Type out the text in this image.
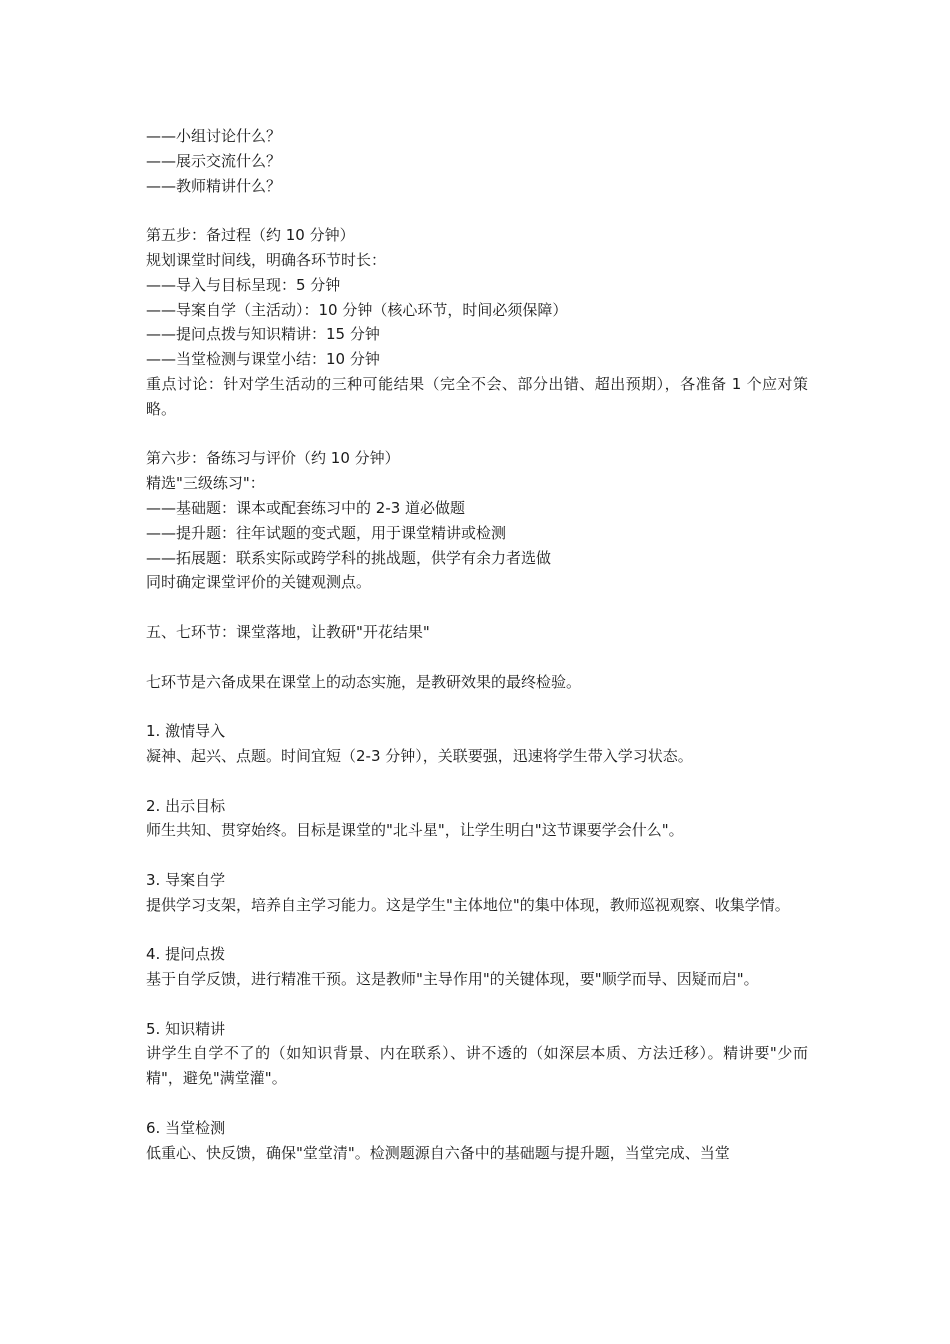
——小组讨论什么？
——展示交流什么？
——教师精讲什么？
第五步：备过程（约 10 分钟）
规划课堂时间线，明确各环节时长：
——导入与目标呈现：5 分钟
——导案自学（主活动）：10 分钟（核心环节，时间必须保障）
——提问点拨与知识精讲：15 分钟
——当堂检测与课堂小结：10 分钟
重点讨论：针对学生活动的三种可能结果（完全不会、部分出错、超出预期），各准备 1 个应对策略。
第六步：备练习与评价（约 10 分钟）
精选"三级练习"：
——基础题：课本或配套练习中的 2-3 道必做题
——提升题：往年试题的变式题，用于课堂精讲或检测
——拓展题：联系实际或跨学科的挑战题，供学有余力者选做
同时确定课堂评价的关键观测点。
五、七环节：课堂落地，让教研"开花结果"
七环节是六备成果在课堂上的动态实施，是教研效果的最终检验。
1. 激情导入
凝神、起兴、点题。时间宜短（2-3 分钟），关联要强，迅速将学生带入学习状态。
2. 出示目标
师生共知、贯穿始终。目标是课堂的"北斗星"，让学生明白"这节课要学会什么"。
3. 导案自学
提供学习支架，培养自主学习能力。这是学生"主体地位"的集中体现，教师巡视观察、收集学情。
4. 提问点拨
基于自学反馈，进行精准干预。这是教师"主导作用"的关键体现，要"顺学而导、因疑而启"。
5. 知识精讲
讲学生自学不了的（如知识背景、内在联系）、讲不透的（如深层本质、方法迁移）。精讲要"少而精"，避免"满堂灌"。
6. 当堂检测
低重心、快反馈，确保"堂堂清"。检测题源自六备中的基础题与提升题，当堂完成、当堂
